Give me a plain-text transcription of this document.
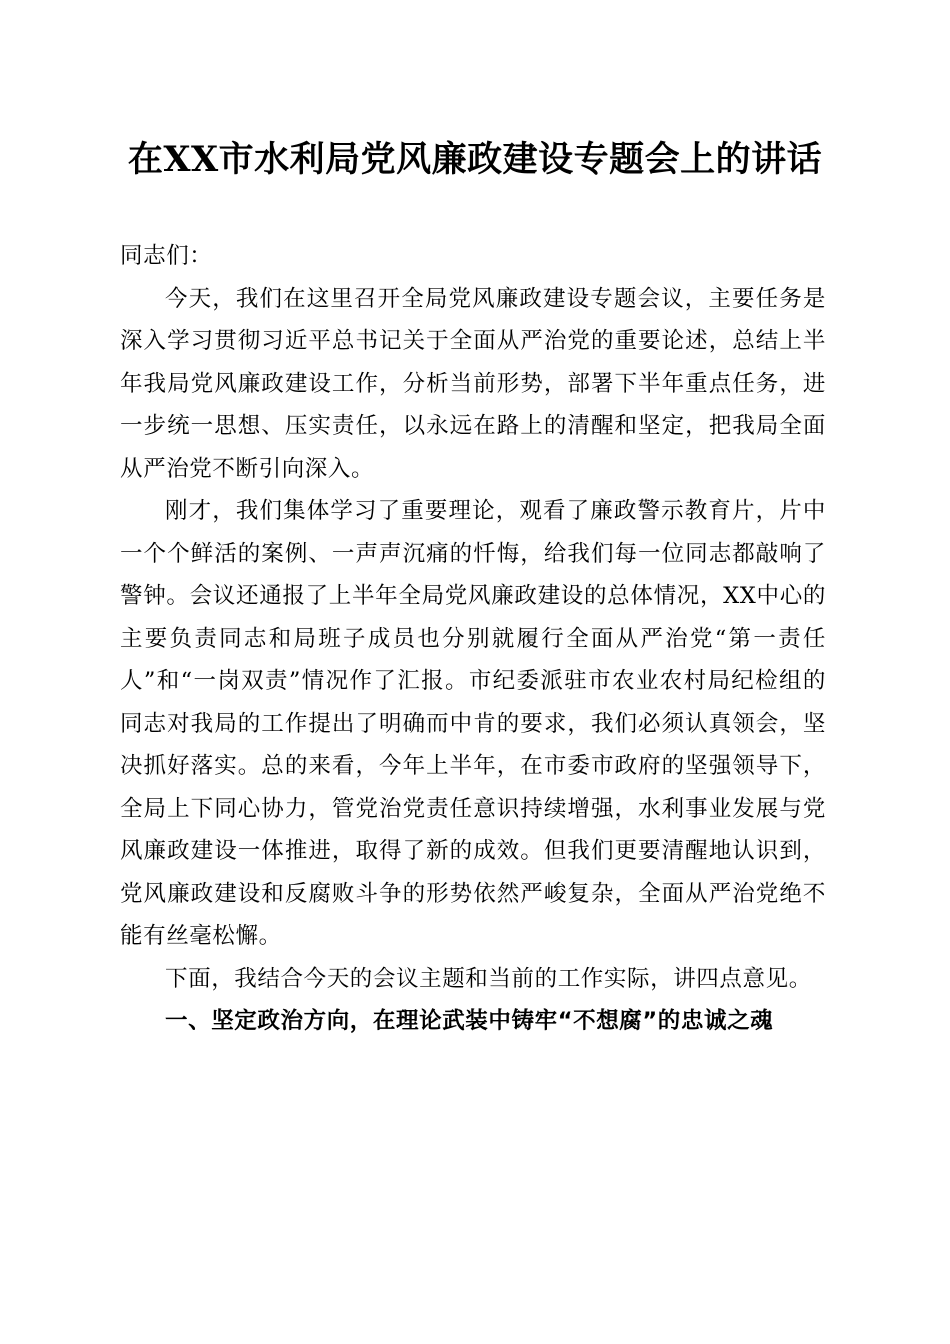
在XX市水利局党风廉政建设专题会上的讲话

同志们：

今天，我们在这里召开全局党风廉政建设专题会议，主要任务是深入学习贯彻习近平总书记关于全面从严治党的重要论述，总结上半年我局党风廉政建设工作，分析当前形势，部署下半年重点任务，进一步统一思想、压实责任，以永远在路上的清醒和坚定，把我局全面从严治党不断引向深入。

刚才，我们集体学习了重要理论，观看了廉政警示教育片，片中一个个鲜活的案例、一声声沉痛的忏悔，给我们每一位同志都敲响了警钟。会议还通报了上半年全局党风廉政建设的总体情况，XX中心的主要负责同志和局班子成员也分别就履行全面从严治党“第一责任人”和“一岗双责”情况作了汇报。市纪委派驻市农业农村局纪检组的同志对我局的工作提出了明确而中肯的要求，我们必须认真领会，坚决抓好落实。总的来看，今年上半年，在市委市政府的坚强领导下，全局上下同心协力，管党治党责任意识持续增强，水利事业发展与党风廉政建设一体推进，取得了新的成效。但我们更要清醒地认识到，党风廉政建设和反腐败斗争的形势依然严峻复杂，全面从严治党绝不能有丝毫松懈。

下面，我结合今天的会议主题和当前的工作实际，讲四点意见。

一、坚定政治方向，在理论武装中铸牢“不想腐”的忠诚之魂
